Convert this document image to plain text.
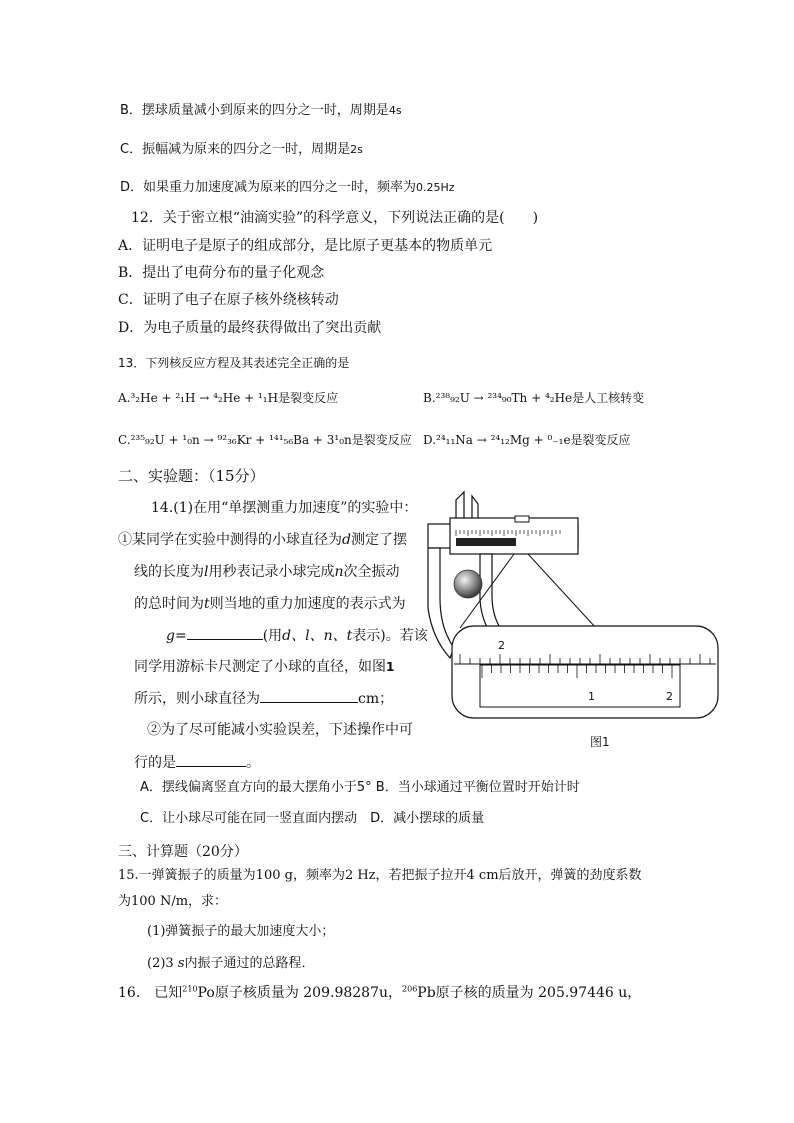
B．摆球质量减小到原来的四分之一时，周期是4s
C．振幅减为原来的四分之一时，周期是2s
D．如果重力加速度减为原来的四分之一时，频率为0.25Hz
12．关于密立根“油滴实验”的科学意义，下列说法正确的是(　　)
A．证明电子是原子的组成部分，是比原子更基本的物质单元
B．提出了电荷分布的量子化观念
C．证明了电子在原子核外绕核转动
D．为电子质量的最终获得做出了突出贡献
13．下列核反应方程及其表述完全正确的是
A.³₂He + ²₁H → ⁴₂He + ¹₁H是裂变反应	B.²³⁸₉₂U → ²³⁴₉₀Th + ⁴₂He是人工核转变
C.²³⁵₉₂U + ¹₀n → ⁹²₃₆Kr + ¹⁴¹₅₆Ba + 3¹₀n是裂变反应 D.²⁴₁₁Na → ²⁴₁₂Mg + ⁰₋₁e是裂变反应
二、实验题：（15分）
14.(1)在用“单摆测重力加速度”的实验中：
①某同学在实验中测得的小球直径为d测定了摆
线的长度为l用秒表记录小球完成n次全振动
的总时间为t则当地的重力加速度的表示式为
g=	(用d、l、n、t表示)。若该
同学用游标卡尺测定了小球的直径，如图1
所示，则小球直径为	cm；
②为了尽可能减小实验误差，下述操作中可
行的是	。
2
1	2
图1
A．摆线偏离竖直方向的最大摆角小于5° B．当小球通过平衡位置时开始计时
C．让小球尽可能在同一竖直面内摆动　D．减小摆球的质量
三、计算题（20分）
15.一弹簧振子的质量为100 g，频率为2 Hz，若把振子拉开4 cm后放开，弹簧的劲度系数
为100 N/m，求：
(1)弹簧振子的最大加速度大小；
(2)3 s内振子通过的总路程．
16． 已知$^{210}$Po原子核质量为 209.98287u，$^{206}$Pb原子核的质量为 205.97446 u，
